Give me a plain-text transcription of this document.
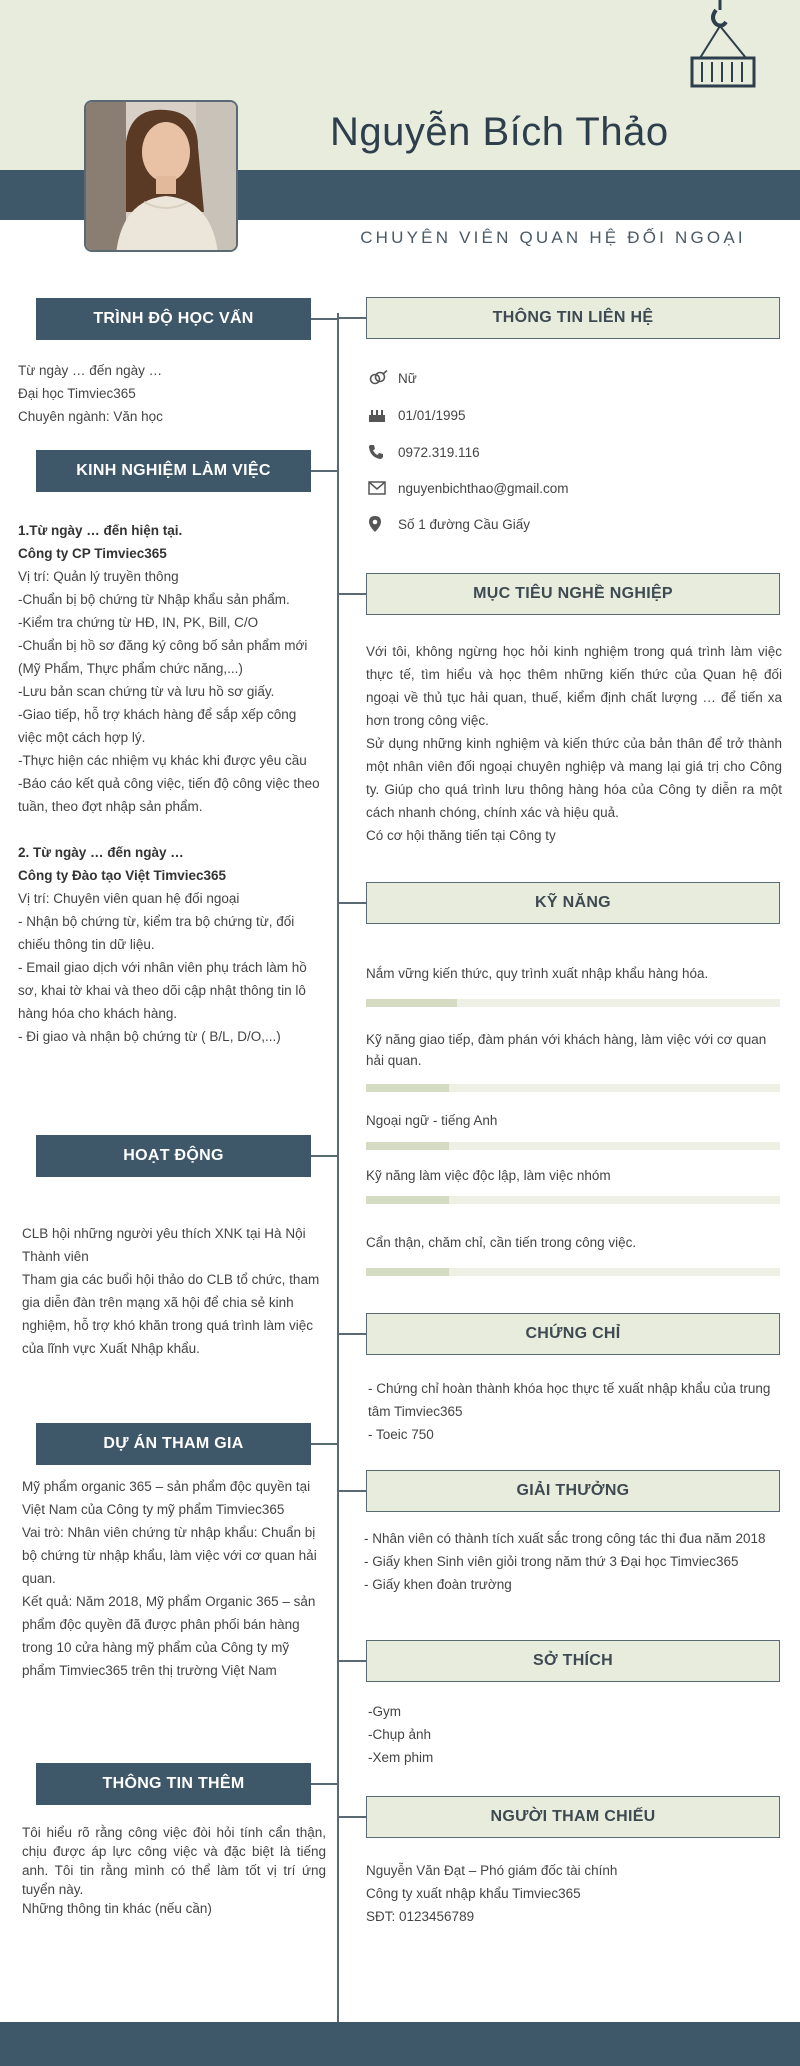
Nguyễn Bích Thảo
CHUYÊN VIÊN QUAN HỆ ĐỐI NGOẠI
TRÌNH ĐỘ HỌC VẤN

Từ ngày … đến ngày …

Đại học Timviec365

Chuyên ngành: Văn học

KINH NGHIỆM LÀM VIỆC

1.Từ ngày … đến hiện tại.

Công ty CP Timviec365

Vị trí: Quản lý truyền thông

-Chuẩn bị bộ chứng từ Nhập khẩu sản phẩm.

-Kiểm tra chứng từ HĐ, IN, PK, Bill, C/O

-Chuẩn bị hồ sơ đăng ký công bố sản phẩm mới (Mỹ Phẩm, Thực phẩm chức năng,...)

-Lưu bản scan chứng từ và lưu hồ sơ giấy.

-Giao tiếp, hỗ trợ khách hàng để sắp xếp công việc một cách hợp lý.

-Thực hiện các nhiệm vụ khác khi được yêu cầu

-Báo cáo kết quả công việc, tiến độ công việc theo tuần, theo đợt nhập sản phẩm.

2. Từ ngày … đến ngày …

Công ty Đào tạo Việt Timviec365

Vị trí: Chuyên viên quan hệ đối ngoại

- Nhận bộ chứng từ, kiểm tra bộ chứng từ, đối chiếu thông tin dữ liệu.

- Email giao dịch với nhân viên phụ trách làm hồ sơ, khai tờ khai và theo dõi cập nhật thông tin lô hàng hóa cho khách hàng.

- Đi giao và nhận bộ chứng từ ( B/L, D/O,...)

HOẠT ĐỘNG

CLB hội những người yêu thích XNK tại Hà Nội

Thành viên

Tham gia các buổi hội thảo do CLB tổ chức, tham gia diễn đàn trên mạng xã hội để chia sẻ kinh nghiệm, hỗ trợ khó khăn trong quá trình làm việc của lĩnh vực Xuất Nhập khẩu.

DỰ ÁN THAM GIA

Mỹ phẩm organic 365 – sản phẩm độc quyền tại Việt Nam của Công ty mỹ phẩm Timviec365

Vai trò: Nhân viên chứng từ nhập khẩu: Chuẩn bị bộ chứng từ nhập khẩu, làm việc với cơ quan hải quan.

Kết quả: Năm 2018, Mỹ phẩm Organic 365 – sản phẩm độc quyền đã được phân phối bán hàng trong 10 cửa hàng mỹ phẩm của Công ty mỹ phẩm Timviec365 trên thị trường Việt Nam

THÔNG TIN THÊM

Tôi hiểu rõ rằng công việc đòi hỏi tính cẩn thận, chịu được áp lực công việc và đặc biệt là tiếng anh. Tôi tin rằng mình có thể làm tốt vị trí ứng tuyển này.

Những thông tin khác (nếu cần)

THÔNG TIN LIÊN HỆ
Nữ
01/01/1995
0972.319.116
nguyenbichthao@gmail.com
Số 1 đường Cầu Giấy
MỤC TIÊU NGHỀ NGHIỆP

Với tôi, không ngừng học hỏi kinh nghiệm trong quá trình làm việc thực tế, tìm hiểu và học thêm những kiến thức của Quan hệ đối ngoại về thủ tục hải quan, thuế, kiểm định chất lượng … để tiến xa hơn trong công việc.

Sử dụng những kinh nghiệm và kiến thức của bản thân để trở thành một nhân viên đối ngoại chuyên nghiệp và mang lại giá trị cho Công ty. Giúp cho quá trình lưu thông hàng hóa của Công ty diễn ra một cách nhanh chóng, chính xác và hiệu quả.

Có cơ hội thăng tiến tại Công ty

KỸ NĂNG
Nắm vững kiến thức, quy trình xuất nhập khẩu hàng hóa.
Kỹ năng giao tiếp, đàm phán với khách hàng, làm việc với cơ quan hải quan.
Ngoại ngữ - tiếng Anh
Kỹ năng làm việc độc lập, làm việc nhóm
Cẩn thận, chăm chỉ, cần tiến trong công việc.
CHỨNG CHỈ

- Chứng chỉ hoàn thành khóa học thực tế xuất nhập khẩu của trung tâm Timviec365

- Toeic 750

GIẢI THƯỞNG

- Nhân viên có thành tích xuất sắc trong công tác thi đua năm 2018

- Giấy khen Sinh viên giỏi trong năm thứ 3 Đại học Timviec365

- Giấy khen đoàn trường

SỞ THÍCH

-Gym

-Chụp ảnh

-Xem phim

NGƯỜI THAM CHIẾU

Nguyễn Văn Đạt – Phó giám đốc tài chính

Công ty xuất nhập khẩu Timviec365

SĐT: 0123456789
